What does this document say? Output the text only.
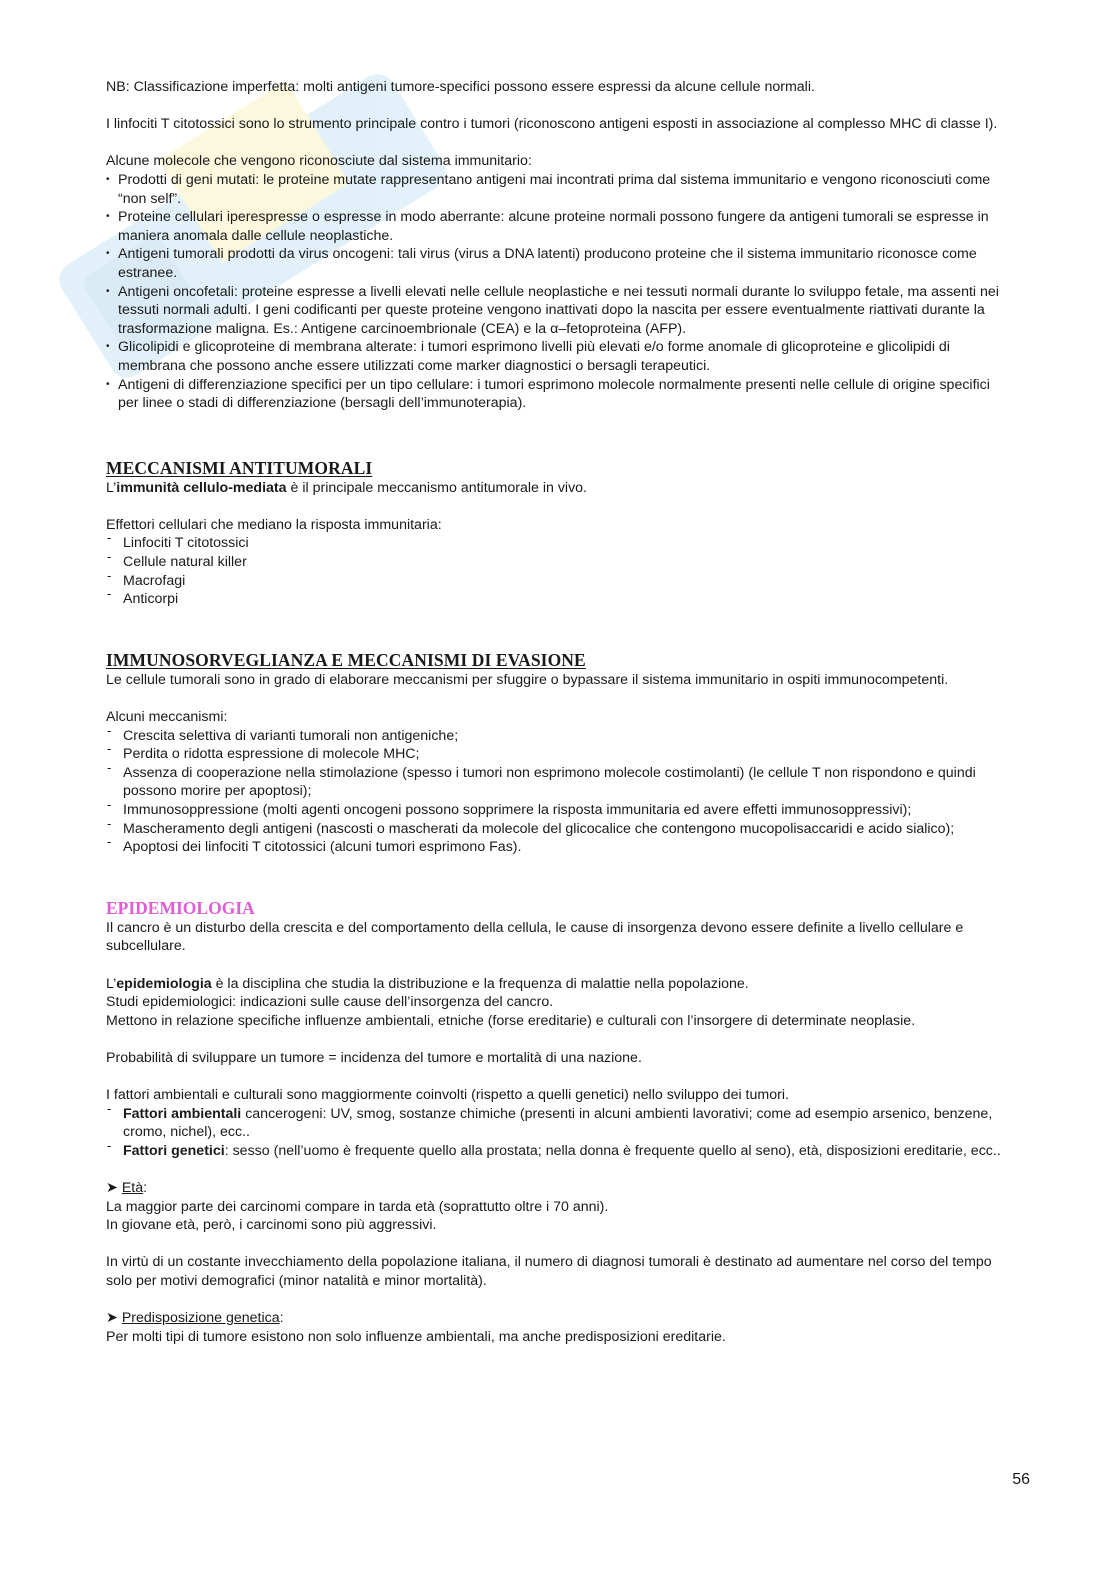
NB: Classificazione imperfetta: molti antigeni tumore-specifici possono essere espressi da alcune cellule normali.

I linfociti T citotossici sono lo strumento principale contro i tumori (riconoscono antigeni esposti in associazione al complesso MHC di classe I).

Alcune molecole che vengono riconosciute dal sistema immunitario:

• Prodotti di geni mutati: le proteine mutate rappresentano antigeni mai incontrati prima dal sistema immunitario e vengono riconosciuti come “non self”.
• Proteine cellulari iperespresse o espresse in modo aberrante: alcune proteine normali possono fungere da antigeni tumorali se espresse in maniera anomala dalle cellule neoplastiche.
• Antigeni tumorali prodotti da virus oncogeni: tali virus (virus a DNA latenti) producono proteine che il sistema immunitario riconosce come estranee.
• Antigeni oncofetali: proteine espresse a livelli elevati nelle cellule neoplastiche e nei tessuti normali durante lo sviluppo fetale, ma assenti nei tessuti normali adulti. I geni codificanti per queste proteine vengono inattivati dopo la nascita per essere eventualmente riattivati durante la trasformazione maligna. Es.: Antigene carcinoembrionale (CEA) e la α–fetoproteina (AFP).
• Glicolipidi e glicoproteine di membrana alterate: i tumori esprimono livelli più elevati e/o forme anomale di glicoproteine e glicolipidi di membrana che possono anche essere utilizzati come marker diagnostici o bersagli terapeutici.
• Antigeni di differenziazione specifici per un tipo cellulare: i tumori esprimono molecole normalmente presenti nelle cellule di origine specifici per linee o stadi di differenziazione (bersagli dell’immunoterapia).
MECCANISMI ANTITUMORALI

L’immunità cellulo-mediata è il principale meccanismo antitumorale in vivo.

Effettori cellulari che mediano la risposta immunitaria:

- Linfociti T citotossici
- Cellule natural killer
- Macrofagi
- Anticorpi
IMMUNOSORVEGLIANZA E MECCANISMI DI EVASIONE

Le cellule tumorali sono in grado di elaborare meccanismi per sfuggire o bypassare il sistema immunitario in ospiti immunocompetenti.

Alcuni meccanismi:

- Crescita selettiva di varianti tumorali non antigeniche;
- Perdita o ridotta espressione di molecole MHC;
- Assenza di cooperazione nella stimolazione (spesso i tumori non esprimono molecole costimolanti) (le cellule T non rispondono e quindi possono morire per apoptosi);
- Immunosoppressione (molti agenti oncogeni possono sopprimere la risposta immunitaria ed avere effetti immunosoppressivi);
- Mascheramento degli antigeni (nascosti o mascherati da molecole del glicocalice che contengono mucopolisaccaridi e acido sialico);
- Apoptosi dei linfociti T citotossici (alcuni tumori esprimono Fas).
EPIDEMIOLOGIA

Il cancro è un disturbo della crescita e del comportamento della cellula, le cause di insorgenza devono essere definite a livello cellulare e subcellulare.

L’epidemiologia è la disciplina che studia la distribuzione e la frequenza di malattie nella popolazione.

Studi epidemiologici: indicazioni sulle cause dell’insorgenza del cancro.

Mettono in relazione specifiche influenze ambientali, etniche (forse ereditarie) e culturali con l’insorgere di determinate neoplasie.

Probabilità di sviluppare un tumore = incidenza del tumore e mortalità di una nazione.

I fattori ambientali e culturali sono maggiormente coinvolti (rispetto a quelli genetici) nello sviluppo dei tumori.

- Fattori ambientali cancerogeni: UV, smog, sostanze chimiche (presenti in alcuni ambienti lavorativi; come ad esempio arsenico, benzene, cromo, nichel), ecc..
- Fattori genetici: sesso (nell’uomo è frequente quello alla prostata; nella donna è frequente quello al seno), età, disposizioni ereditarie, ecc..

➤ Età:

La maggior parte dei carcinomi compare in tarda età (soprattutto oltre i 70 anni).

In giovane età, però, i carcinomi sono più aggressivi.

In virtù di un costante invecchiamento della popolazione italiana, il numero di diagnosi tumorali è destinato ad aumentare nel corso del tempo solo per motivi demografici (minor natalità e minor mortalità).

➤ Predisposizione genetica:

Per molti tipi di tumore esistono non solo influenze ambientali, ma anche predisposizioni ereditarie.

56
